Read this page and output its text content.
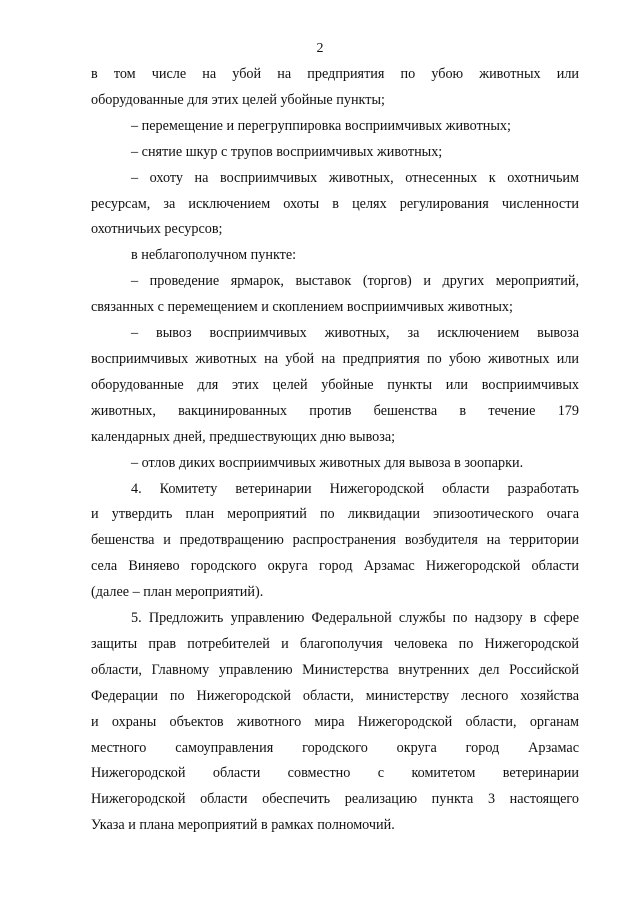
2
в том числе на убой на предприятия по убою животных или
оборудованные для этих целей убойные пункты;
– перемещение и перегруппировка восприимчивых животных;
– снятие шкур с трупов восприимчивых животных;
– охоту на восприимчивых животных, отнесенных к охотничьим
ресурсам, за исключением охоты в целях регулирования численности
охотничьих ресурсов;
в неблагополучном пункте:
– проведение ярмарок, выставок (торгов) и других мероприятий,
связанных с перемещением и скоплением восприимчивых животных;
– вывоз восприимчивых животных, за исключением вывоза
восприимчивых животных на убой на предприятия по убою животных или
оборудованные для этих целей убойные пункты или восприимчивых
животных, вакцинированных против бешенства в течение 179
календарных дней, предшествующих дню вывоза;
– отлов диких восприимчивых животных для вывоза в зоопарки.
4. Комитету ветеринарии Нижегородской области разработать
и утвердить план мероприятий по ликвидации эпизоотического очага
бешенства и предотвращению распространения возбудителя на территории
села Виняево городского округа город Арзамас Нижегородской области
(далее – план мероприятий).
5. Предложить управлению Федеральной службы по надзору в сфере
защиты прав потребителей и благополучия человека по Нижегородской
области, Главному управлению Министерства внутренних дел Российской
Федерации по Нижегородской области, министерству лесного хозяйства
и охраны объектов животного мира Нижегородской области, органам
местного самоуправления городского округа город Арзамас
Нижегородской области совместно с комитетом ветеринарии
Нижегородской области обеспечить реализацию пункта 3 настоящего
Указа и плана мероприятий в рамках полномочий.
